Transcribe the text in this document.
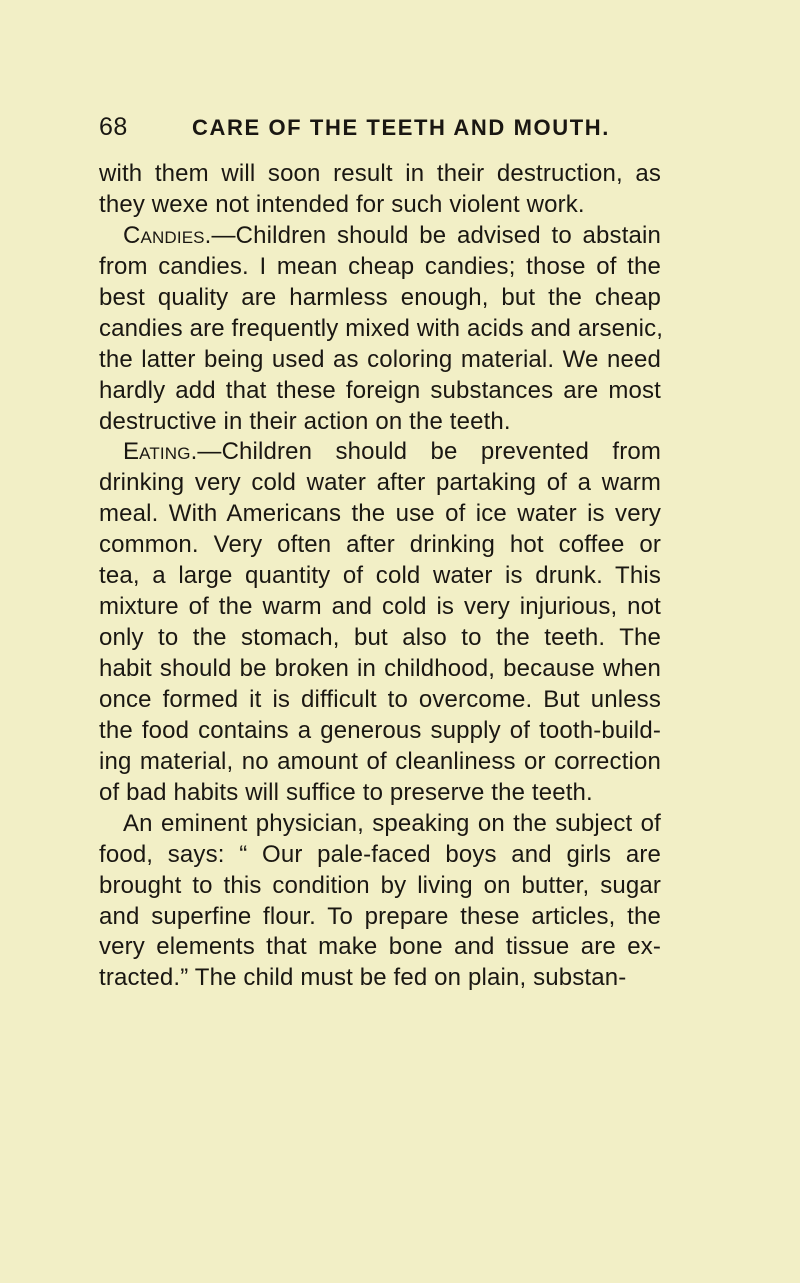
68	CARE OF THE TEETH AND MOUTH.
with them will soon result in their destruction, as
they wexe not intended for such violent work.
Candies.—Children should be advised to abstain
from candies. I mean cheap candies; those of the
best quality are harmless enough, but the cheap
candies are frequently mixed with acids and arsenic,
the latter being used as coloring material. We need
hardly add that these foreign substances are most
destructive in their action on the teeth.
Eating.—Children should be prevented from
drinking very cold water after partaking of a warm
meal. With Americans the use of ice water is very
common. Very often after drinking hot coffee or
tea, a large quantity of cold water is drunk. This
mixture of the warm and cold is very injurious, not
only to the stomach, but also to the teeth. The
habit should be broken in childhood, because when
once formed it is difficult to overcome. But unless
the food contains a generous supply of tooth-build-
ing material, no amount of cleanliness or correction
of bad habits will suffice to preserve the teeth.
An eminent physician, speaking on the subject of
food, says: “ Our pale-faced boys and girls are
brought to this condition by living on butter, sugar
and superfine flour. To prepare these articles, the
very elements that make bone and tissue are ex-
tracted.” The child must be fed on plain, substan-
